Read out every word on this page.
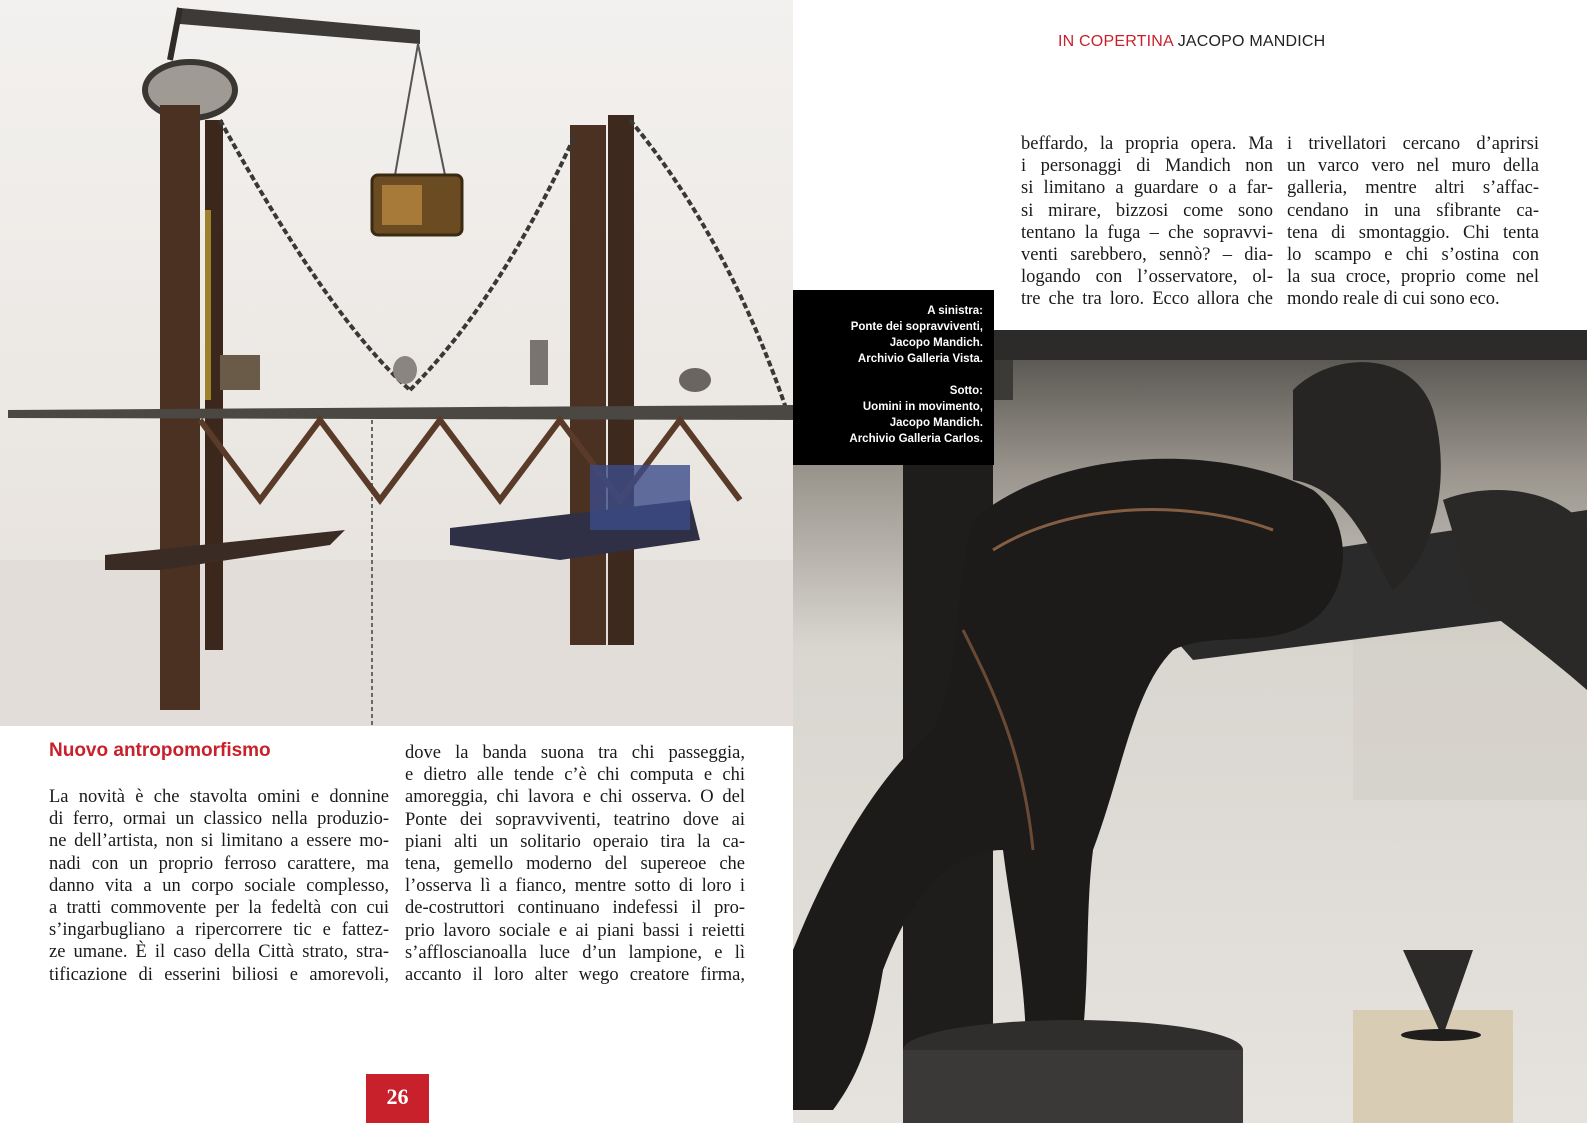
IN COPERTINA JACOPO MANDICH

A sinistra:
Ponte dei sopravviventi,
Jacopo Mandich.
Archivio Galleria Vista.

Sotto:
Uomini in movimento,
Jacopo Mandich.
Archivio Galleria Carlos.

beffardo, la propria opera. Ma
i personaggi di Mandich non
si limitano a guardare o a far-
si mirare, bizzosi come sono
tentano la fuga – che sopravvi-
venti sarebbero, sennò? – dia-
logando con l’osservatore, ol-
tre che tra loro. Ecco allora che
i trivellatori cercano d’aprirsi
un varco vero nel muro della
galleria, mentre altri s’affac-
cendano in una sfibrante ca-
tena di smontaggio. Chi tenta
lo scampo e chi s’ostina con
la sua croce, proprio come nel
mondo reale di cui sono eco.
Nuovo antropomorfismo
La novità è che stavolta omini e donnine
di ferro, ormai un classico nella produzio-
ne dell’artista, non si limitano a essere mo-
nadi con un proprio ferroso carattere, ma
danno vita a un corpo sociale complesso,
a tratti commovente per la fedeltà con cui
s’ingarbugliano a ripercorrere tic e fattez-
ze umane. È il caso della Città strato, stra-
tificazione di esserini biliosi e amorevoli,
dove la banda suona tra chi passeggia,
e dietro alle tende c’è chi computa e chi
amoreggia, chi lavora e chi osserva. O del
Ponte dei sopravviventi, teatrino dove ai
piani alti un solitario operaio tira la ca-
tena, gemello moderno del supereoe che
l’osserva lì a fianco, mentre sotto di loro i
de-costruttori continuano indefessi il pro-
prio lavoro sociale e ai piani bassi i reietti
s’affloscianoalla luce d’un lampione, e lì
accanto il loro alter wego creatore firma,
26
